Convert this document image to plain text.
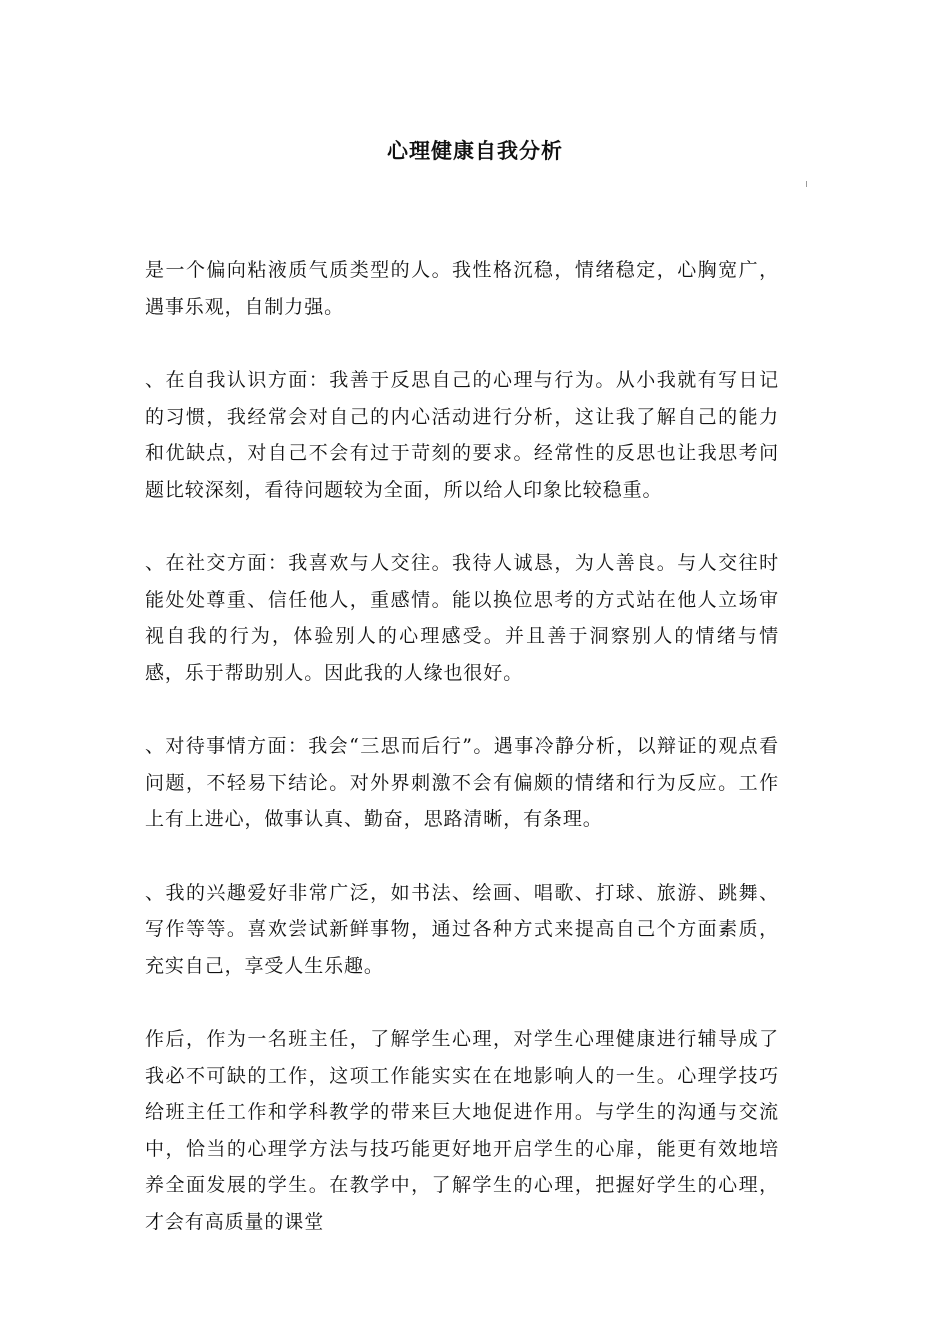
心理健康自我分析

是一个偏向粘液质气质类型的人。我性格沉稳，情绪稳定，心胸宽广，遇事乐观，自制力强。

、在自我认识方面：我善于反思自己的心理与行为。从小我就有写日记的习惯，我经常会对自己的内心活动进行分析，这让我了解自己的能力和优缺点，对自己不会有过于苛刻的要求。经常性的反思也让我思考问题比较深刻，看待问题较为全面，所以给人印象比较稳重。

、在社交方面：我喜欢与人交往。我待人诚恳，为人善良。与人交往时能处处尊重、信任他人，重感情。能以换位思考的方式站在他人立场审视自我的行为，体验别人的心理感受。并且善于洞察别人的情绪与情感，乐于帮助别人。因此我的人缘也很好。

、对待事情方面：我会“三思而后行”。遇事冷静分析，以辩证的观点看问题，不轻易下结论。对外界刺激不会有偏颇的情绪和行为反应。工作上有上进心，做事认真、勤奋，思路清晰，有条理。

、我的兴趣爱好非常广泛，如书法、绘画、唱歌、打球、旅游、跳舞、写作等等。喜欢尝试新鲜事物，通过各种方式来提高自己个方面素质，充实自己，享受人生乐趣。

作后，作为一名班主任，了解学生心理，对学生心理健康进行辅导成了我必不可缺的工作，这项工作能实实在在地影响人的一生。心理学技巧给班主任工作和学科教学的带来巨大地促进作用。与学生的沟通与交流中，恰当的心理学方法与技巧能更好地开启学生的心扉，能更有效地培养全面发展的学生。在教学中，了解学生的心理，把握好学生的心理，才会有高质量的课堂
